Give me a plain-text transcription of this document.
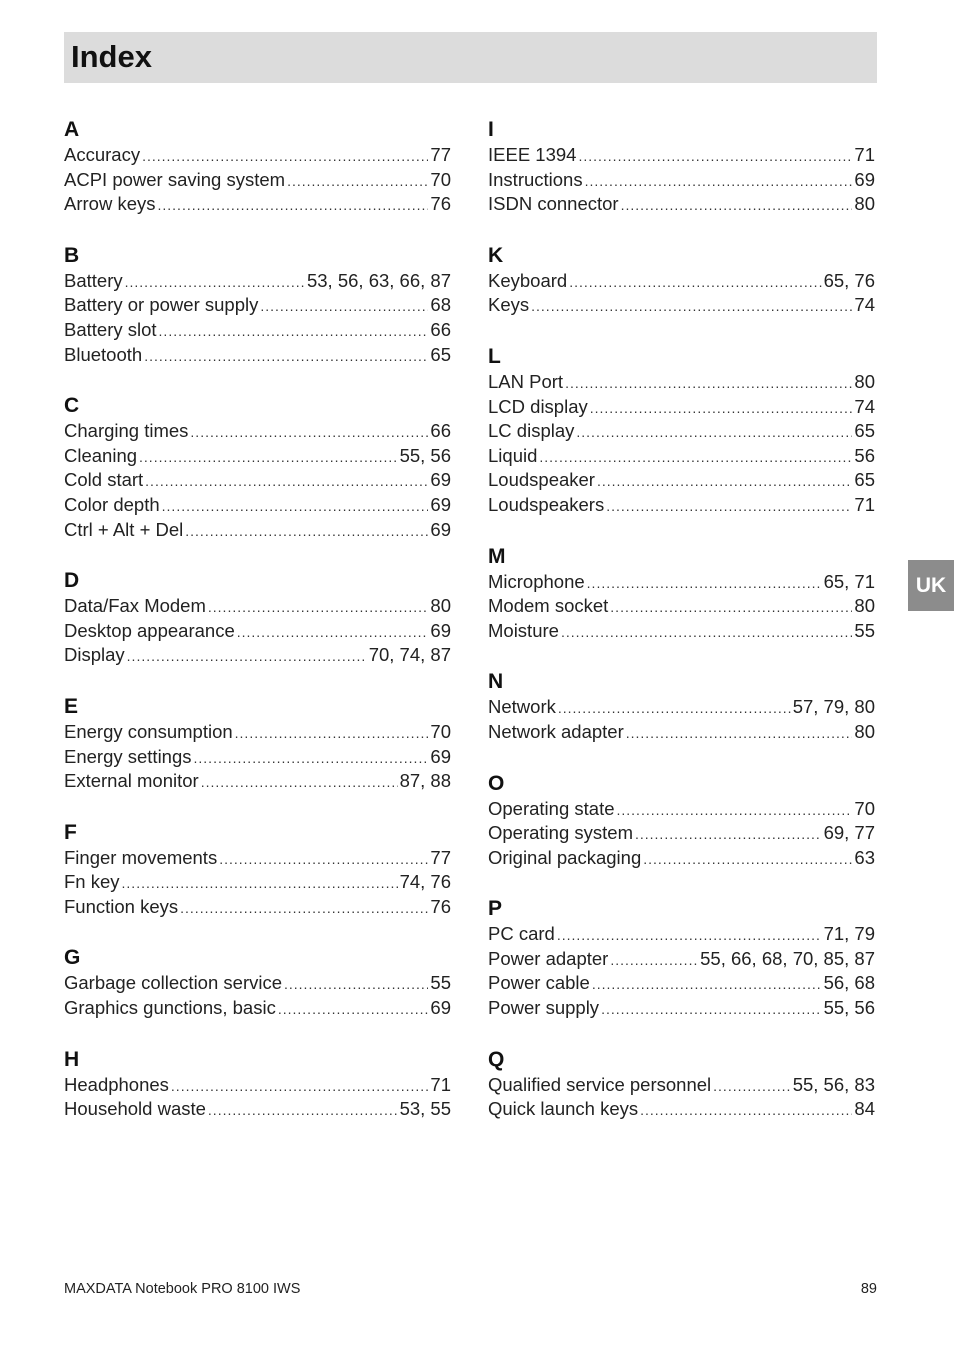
Index
A
Accuracy .....	77
ACPI power saving system .....	70
Arrow keys .....	76
B
Battery .....	53, 56, 63, 66, 87
Battery or power supply .....	68
Battery slot .....	66
Bluetooth .....	65
C
Charging times .....	66
Cleaning .....	55, 56
Cold start .....	69
Color depth .....	69
Ctrl + Alt + Del .....	69
D
Data/Fax Modem .....	80
Desktop appearance .....	69
Display .....	70, 74, 87
E
Energy consumption .....	70
Energy settings .....	69
External monitor .....	87, 88
F
Finger movements .....	77
Fn key .....	74, 76
Function keys .....	76
G
Garbage collection service .....	55
Graphics gunctions, basic .....	69
H
Headphones .....	71
Household waste .....	53, 55
I
IEEE 1394 .....	71
Instructions .....	69
ISDN connector .....	80
K
Keyboard .....	65, 76
Keys .....	74
L
LAN Port .....	80
LCD display .....	74
LC display .....	65
Liquid .....	56
Loudspeaker .....	65
Loudspeakers .....	71
M
Microphone .....	65, 71
Modem socket .....	80
Moisture .....	55
N
Network .....	57, 79, 80
Network adapter .....	80
O
Operating state .....	70
Operating system .....	69, 77
Original packaging .....	63
P
PC card .....	71, 79
Power adapter .....	55, 66, 68, 70, 85, 87
Power cable .....	56, 68
Power supply .....	55, 56
Q
Qualified service personnel .....	55, 56, 83
Quick launch keys .....	84
UK
MAXDATA Notebook PRO 8100 IWS	89
